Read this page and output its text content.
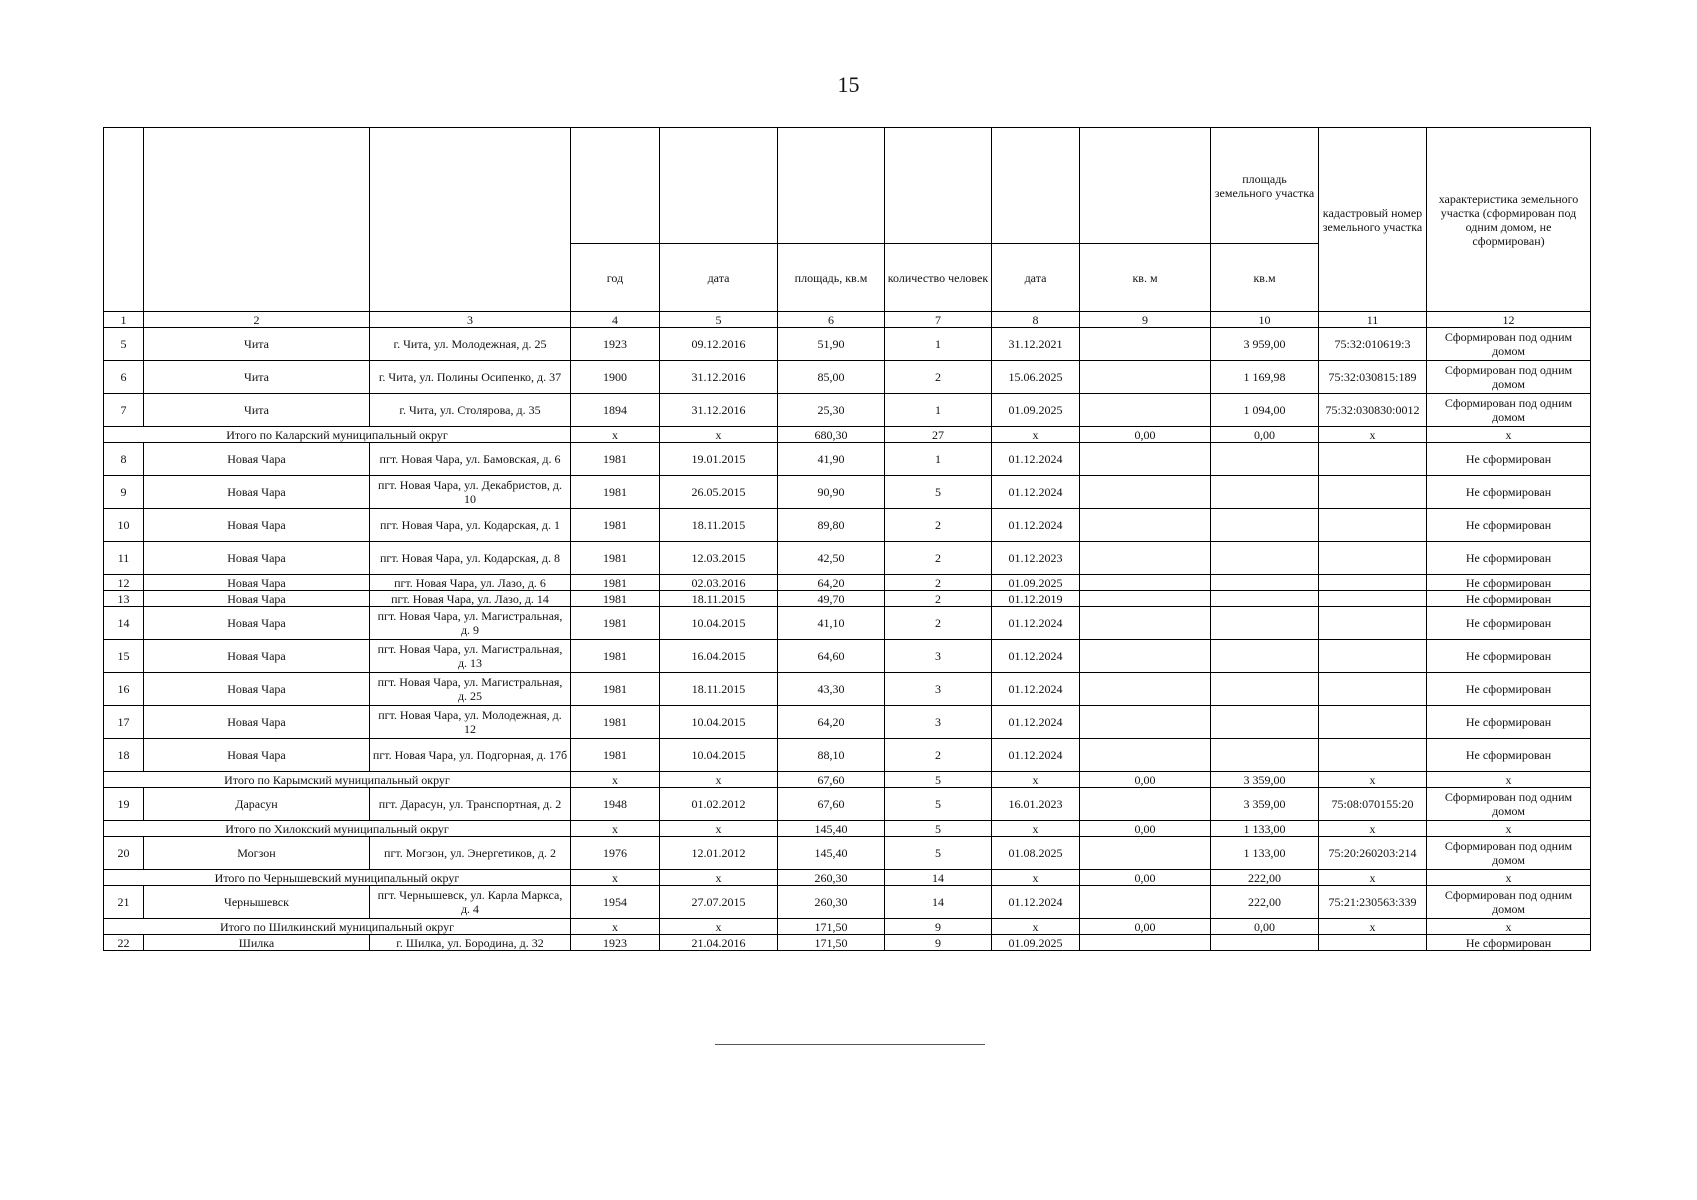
15
									площадь земельного участка	кадастровый номер земельного участка	характеристика земельного участка (сформирован под одним домом, не сформирован)
			год	дата	площадь, кв.м	количество человек	дата	кв. м	кв.м		
1	2	3	4	5	6	7	8	9	10	11	12
5	Чита	г. Чита, ул. Молодежная, д. 25	1923	09.12.2016	51,90	1	31.12.2021		3 959,00	75:32:010619:3	Сформирован под одним домом
6	Чита	г. Чита, ул. Полины Осипенко, д. 37	1900	31.12.2016	85,00	2	15.06.2025		1 169,98	75:32:030815:189	Сформирован под одним домом
7	Чита	г. Чита, ул. Столярова, д. 35	1894	31.12.2016	25,30	1	01.09.2025		1 094,00	75:32:030830:0012	Сформирован под одним домом
Итого по Каларский муниципальный округ			х	х	680,30	27	х	0,00	0,00	х	х
8	Новая Чара	пгт. Новая Чара, ул. Бамовская, д. 6	1981	19.01.2015	41,90	1	01.12.2024				Не сформирован
9	Новая Чара	пгт. Новая Чара, ул. Декабристов, д. 10	1981	26.05.2015	90,90	5	01.12.2024				Не сформирован
10	Новая Чара	пгт. Новая Чара, ул. Кодарская, д. 1	1981	18.11.2015	89,80	2	01.12.2024				Не сформирован
11	Новая Чара	пгт. Новая Чара, ул. Кодарская, д. 8	1981	12.03.2015	42,50	2	01.12.2023				Не сформирован
12	Новая Чара	пгт. Новая Чара, ул. Лазо, д. 6	1981	02.03.2016	64,20	2	01.09.2025				Не сформирован
13	Новая Чара	пгт. Новая Чара, ул. Лазо, д. 14	1981	18.11.2015	49,70	2	01.12.2019				Не сформирован
14	Новая Чара	пгт. Новая Чара, ул. Магистральная, д. 9	1981	10.04.2015	41,10	2	01.12.2024				Не сформирован
15	Новая Чара	пгт. Новая Чара, ул. Магистральная, д. 13	1981	16.04.2015	64,60	3	01.12.2024				Не сформирован
16	Новая Чара	пгт. Новая Чара, ул. Магистральная, д. 25	1981	18.11.2015	43,30	3	01.12.2024				Не сформирован
17	Новая Чара	пгт. Новая Чара, ул. Молодежная, д. 12	1981	10.04.2015	64,20	3	01.12.2024				Не сформирован
18	Новая Чара	пгт. Новая Чара, ул. Подгорная, д. 17б	1981	10.04.2015	88,10	2	01.12.2024				Не сформирован
Итого по Карымский муниципальный округ			х	х	67,60	5	х	0,00	3 359,00	х	х
19	Дарасун	пгт. Дарасун, ул. Транспортная, д. 2	1948	01.02.2012	67,60	5	16.01.2023		3 359,00	75:08:070155:20	Сформирован под одним домом
Итого по Хилокский муниципальный округ			х	х	145,40	5	х	0,00	1 133,00	х	х
20	Могзон	пгт. Могзон, ул. Энергетиков, д. 2	1976	12.01.2012	145,40	5	01.08.2025		1 133,00	75:20:260203:214	Сформирован под одним домом
Итого по Чернышевский муниципальный округ			х	х	260,30	14	х	0,00	222,00	х	х
21	Чернышевск	пгт. Чернышевск, ул. Карла Маркса, д. 4	1954	27.07.2015	260,30	14	01.12.2024		222,00	75:21:230563:339	Сформирован под одним домом
Итого по Шилкинский муниципальный округ			х	х	171,50	9	х	0,00	0,00	х	х
22	Шилка	г. Шилка, ул. Бородина, д. 32	1923	21.04.2016	171,50	9	01.09.2025				Не сформирован
